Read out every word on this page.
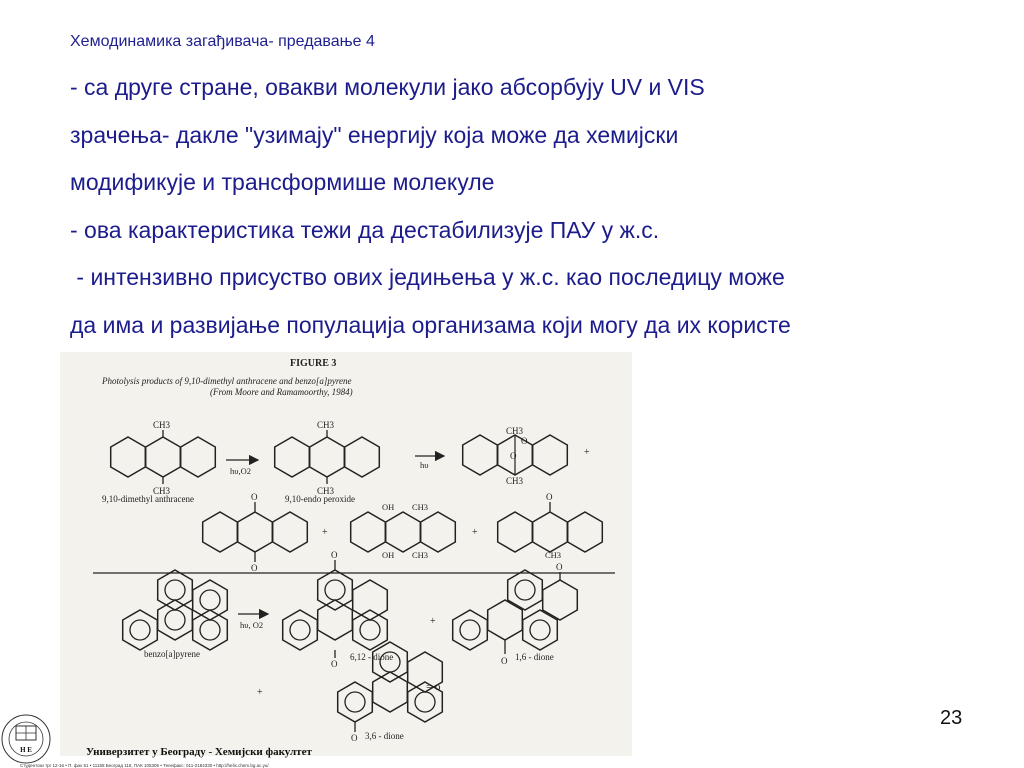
Хемодинамика загађивача- предавање 4
- са друге стране, овакви молекули јако абсорбују UV и VIS
зрачења- дакле "узимају" енергију која може да хемијски
модификује и трансформише молекуле
- ова карактеристика тежи да дестабилизује ПАУ у ж.с.
- интензивно присуство ових једињења у ж.с. као последицу може
да има и развијање популација организама који могу да их користе
FIGURE 3
Photolysis products of 9,10-dimethyl anthracene and benzo[a]pyrene
(From Moore and Ramamoorthy, 1984)
CH3
CH3
9,10-dimethyl anthracene
hυ,O2
CH3
CH3
9,10-endo peroxide
hυ
CH3
O
O
CH3
+
O
O
+
OH CH3
OH CH3
+
O
CH3
benzo[a]pyrene
hυ, O2
O
O
6,12 - dione
+
O
O 1,6 - dione
+	= o
O 3,6 - dione
23
H E	Универзитет у Београду - Хемијски факултет
Студентски трг 12-16 • П. фах 51 • 11158 Београд 118, ПАК 105305 • Телефакс: 011-2184330 • http://helix.chem.bg.ac.yu/
